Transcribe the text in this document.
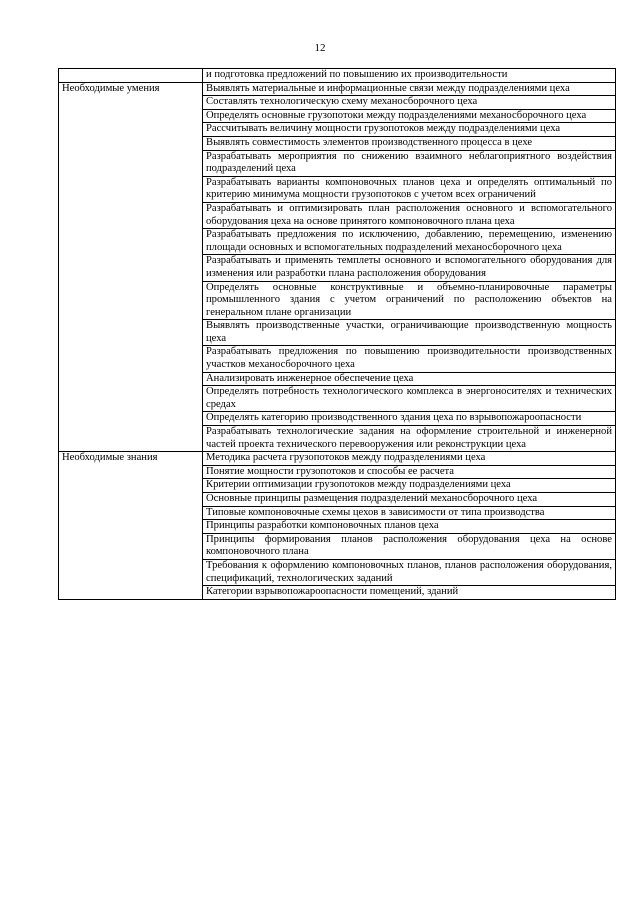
12
	и подготовка предложений по повышению их производительности
Необходимые умения	Выявлять материальные и информационные связи между подразделениями цеха
	Составлять технологическую схему механосборочного цеха
	Определять основные грузопотоки между подразделениями механосборочного цеха
	Рассчитывать величину мощности грузопотоков между подразделениями цеха
	Выявлять совместимость элементов производственного процесса в цехе
	Разрабатывать мероприятия по снижению взаимного неблагоприятного воздействия подразделений цеха
	Разрабатывать варианты компоновочных планов цеха и определять оптимальный по критерию минимума мощности грузопотоков с учетом всех ограничений
	Разрабатывать и оптимизировать план расположения основного и вспомогательного оборудования цеха на основе принятого компоновочного плана цеха
	Разрабатывать предложения по исключению, добавлению, перемещению, изменению площади основных и вспомогательных подразделений механосборочного цеха
	Разрабатывать и применять темплеты основного и вспомогательного оборудования для изменения или разработки плана расположения оборудования
	Определять основные конструктивные и объемно-планировочные параметры промышленного здания с учетом ограничений по расположению объектов на генеральном плане организации
	Выявлять производственные участки, ограничивающие производственную мощность цеха
	Разрабатывать предложения по повышению производительности производственных участков механосборочного цеха
	Анализировать инженерное обеспечение цеха
	Определять потребность технологического комплекса в энергоносителях и технических средах
	Определять категорию производственного здания цеха по взрывопожароопасности
	Разрабатывать технологические задания на оформление строительной и инженерной частей проекта технического перевооружения или реконструкции цеха
Необходимые знания	Методика расчета грузопотоков между подразделениями цеха
	Понятие мощности грузопотоков и способы ее расчета
	Критерии оптимизации грузопотоков между подразделениями цеха
	Основные принципы размещения подразделений механосборочного цеха
	Типовые компоновочные схемы цехов в зависимости от типа производства
	Принципы разработки компоновочных планов цеха
	Принципы формирования планов расположения оборудования цеха на основе компоновочного плана
	Требования к оформлению компоновочных планов, планов расположения оборудования, спецификаций, технологических заданий
	Категории взрывопожароопасности помещений, зданий
